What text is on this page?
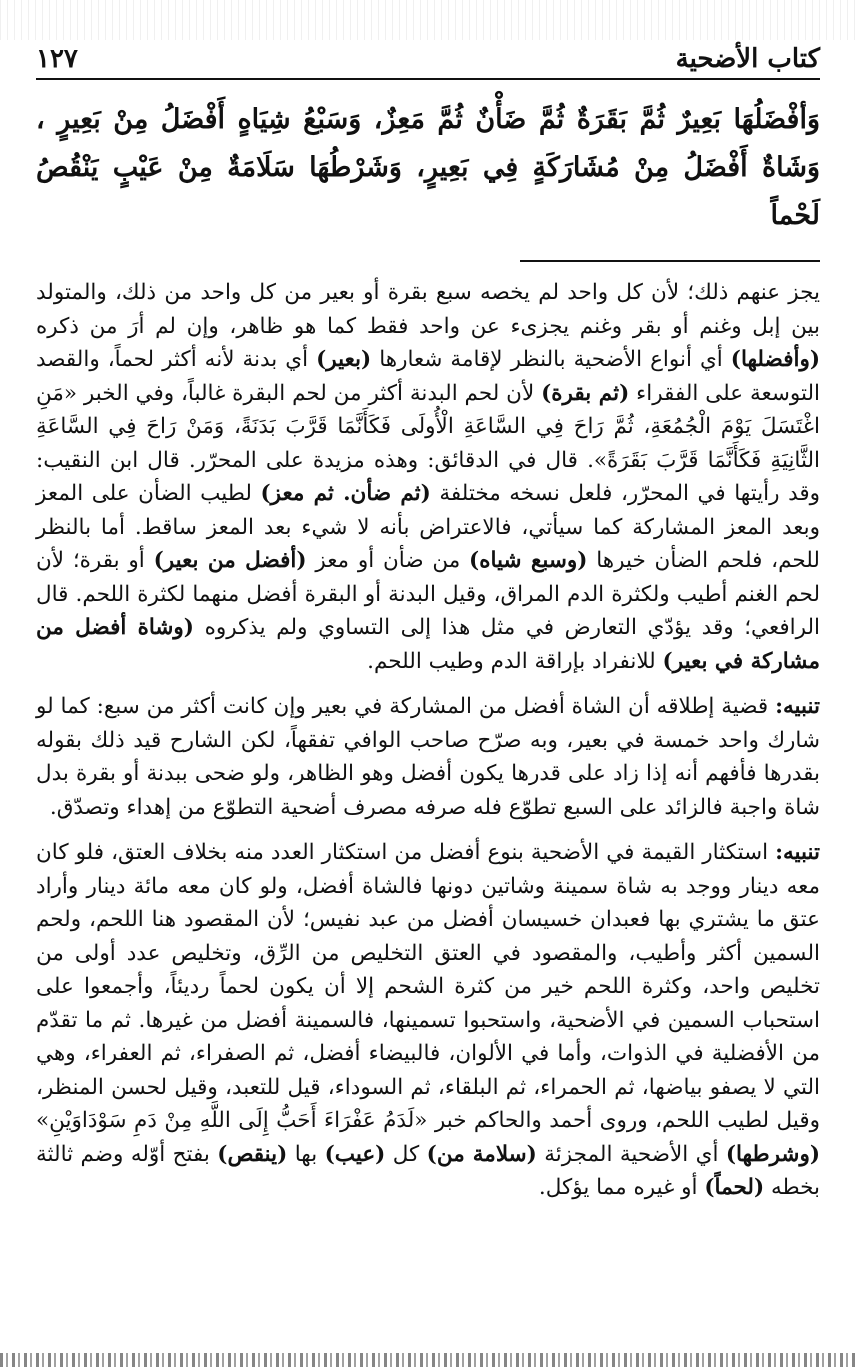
كتاب الأضحية
١٢٧
وَأفْضَلُهَا بَعِيرٌ ثُمَّ بَقَرَةٌ ثُمَّ ضَأْنٌ ثُمَّ مَعِزٌ، وَسَبْعُ شِيَاهٍ أَفْضَلُ مِنْ بَعِيرٍ ، وَشَاةٌ أَفْضَلُ مِنْ مُشَارَكَةٍ فِي بَعِيرٍ، وَشَرْطُهَا سَلَامَةٌ مِنْ عَيْبٍ يَنْقُصُ لَحْماً

يجز عنهم ذلك؛ لأن كل واحد لم يخصه سبع بقرة أو بعير من كل واحد من ذلك، والمتولد بين إبل وغنم أو بقر وغنم يجزىء عن واحد فقط كما هو ظاهر، وإن لم أرَ من ذكره (وأفضلها) أي أنواع الأضحية بالنظر لإقامة شعارها (بعير) أي بدنة لأنه أكثر لحماً، والقصد التوسعة على الفقراء (ثم بقرة) لأن لحم البدنة أكثر من لحم البقرة غالباً، وفي الخبر «مَنِ اغْتَسَلَ يَوْمَ الْجُمُعَةِ، ثُمَّ رَاحَ فِي السَّاعَةِ الْأُولَى فَكَأَنَّمَا قَرَّبَ بَدَنَةً، وَمَنْ رَاحَ فِي السَّاعَةِ الثَّانِيَةِ فَكَأَنَّمَا قَرَّبَ بَقَرَةً». قال في الدقائق: وهذه مزيدة على المحرّر. قال ابن النقيب: وقد رأيتها في المحرّر، فلعل نسخه مختلفة (ثم ضأن. ثم معز) لطيب الضأن على المعز وبعد المعز المشاركة كما سيأتي، فالاعتراض بأنه لا شيء بعد المعز ساقط. أما بالنظر للحم، فلحم الضأن خيرها (وسبع شياه) من ضأن أو معز (أفضل من بعير) أو بقرة؛ لأن لحم الغنم أطيب ولكثرة الدم المراق، وقيل البدنة أو البقرة أفضل منهما لكثرة اللحم. قال الرافعي؛ وقد يؤدّي التعارض في مثل هذا إلى التساوي ولم يذكروه (وشاة أفضل من مشاركة في بعير) للانفراد بإراقة الدم وطيب اللحم.

تنبيه: قضية إطلاقه أن الشاة أفضل من المشاركة في بعير وإن كانت أكثر من سبع: كما لو شارك واحد خمسة في بعير، وبه صرّح صاحب الوافي تفقهاً، لكن الشارح قيد ذلك بقوله بقدرها فأفهم أنه إذا زاد على قدرها يكون أفضل وهو الظاهر، ولو ضحى ببدنة أو بقرة بدل شاة واجبة فالزائد على السبع تطوّع فله صرفه مصرف أضحية التطوّع من إهداء وتصدّق.

تنبيه: استكثار القيمة في الأضحية بنوع أفضل من استكثار العدد منه بخلاف العتق، فلو كان معه دينار ووجد به شاة سمينة وشاتين دونها فالشاة أفضل، ولو كان معه مائة دينار وأراد عتق ما يشتري بها فعبدان خسيسان أفضل من عبد نفيس؛ لأن المقصود هنا اللحم، ولحم السمين أكثر وأطيب، والمقصود في العتق التخليص من الرِّق، وتخليص عدد أولى من تخليص واحد، وكثرة اللحم خير من كثرة الشحم إلا أن يكون لحماً رديئاً، وأجمعوا على استحباب السمين في الأضحية، واستحبوا تسمينها، فالسمينة أفضل من غيرها. ثم ما تقدّم من الأفضلية في الذوات، وأما في الألوان، فالبيضاء أفضل، ثم الصفراء، ثم العفراء، وهي التي لا يصفو بياضها، ثم الحمراء، ثم البلقاء، ثم السوداء، قيل للتعبد، وقيل لحسن المنظر، وقيل لطيب اللحم، وروى أحمد والحاكم خبر «لَدَمُ عَفْرَاءَ أَحَبُّ إِلَى اللَّهِ مِنْ دَمِ سَوْدَاوَيْنِ» (وشرطها) أي الأضحية المجزئة (سلامة من) كل (عيب) بها (ينقص) بفتح أوّله وضم ثالثة بخطه (لحماً) أو غيره مما يؤكل.
